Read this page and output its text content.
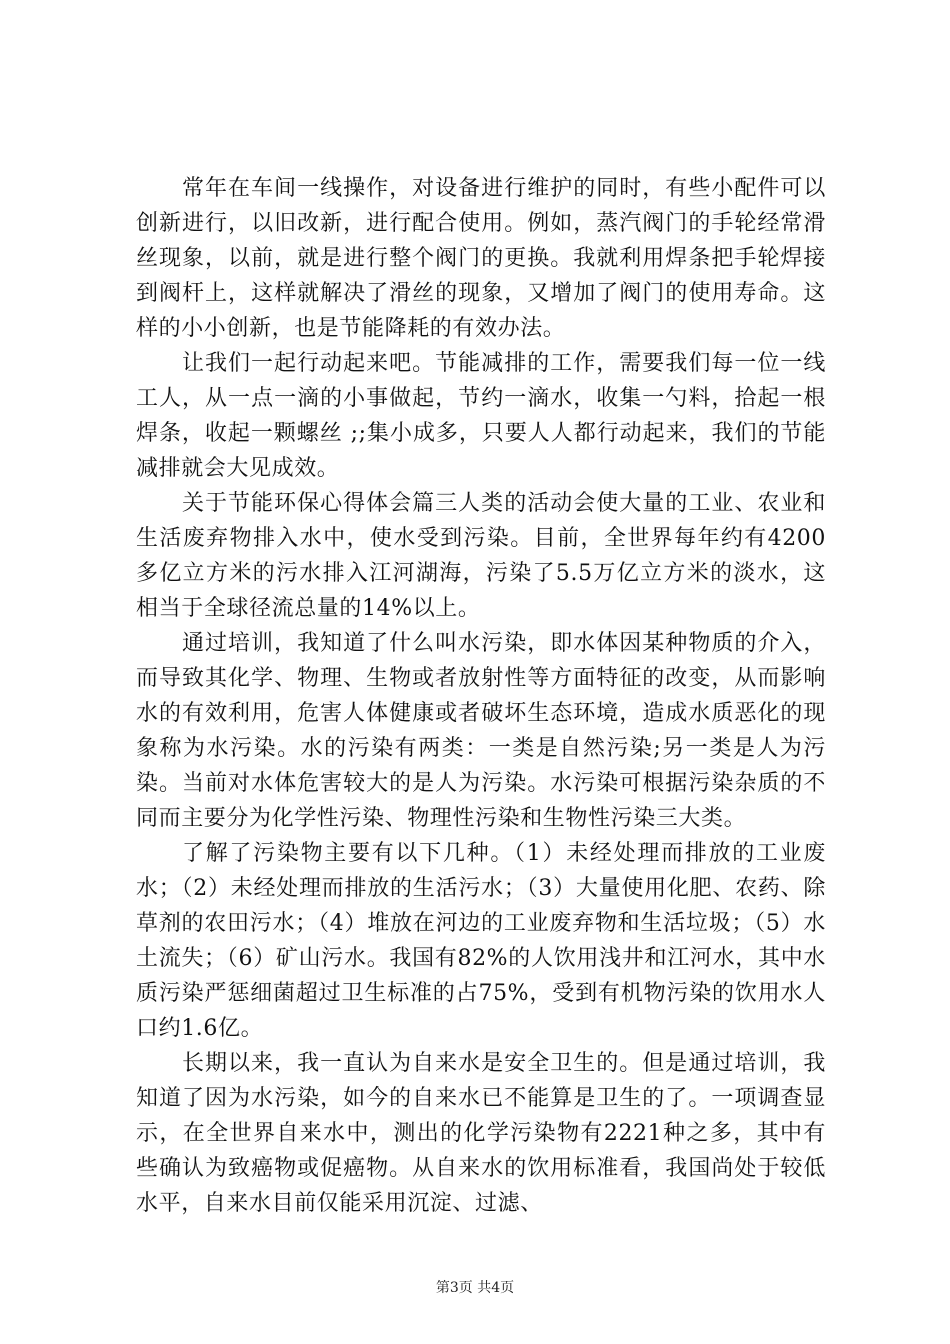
常年在车间一线操作，对设备进行维护的同时，有些小配件可以创新进行，以旧改新，进行配合使用。例如，蒸汽阀门的手轮经常滑丝现象，以前，就是进行整个阀门的更换。我就利用焊条把手轮焊接到阀杆上，这样就解决了滑丝的现象，又增加了阀门的使用寿命。这样的小小创新，也是节能降耗的有效办法。

让我们一起行动起来吧。节能减排的工作，需要我们每一位一线工人，从一点一滴的小事做起，节约一滴水，收集一勺料，拾起一根焊条，收起一颗螺丝 ;;集小成多，只要人人都行动起来，我们的节能减排就会大见成效。

关于节能环保心得体会篇三人类的活动会使大量的工业、农业和生活废弃物排入水中，使水受到污染。目前，全世界每年约有4200多亿立方米的污水排入江河湖海，污染了5.5万亿立方米的淡水，这相当于全球径流总量的14%以上。

通过培训，我知道了什么叫水污染，即水体因某种物质的介入，而导致其化学、物理、生物或者放射性等方面特征的改变，从而影响水的有效利用，危害人体健康或者破坏生态环境，造成水质恶化的现象称为水污染。水的污染有两类：一类是自然污染;另一类是人为污染。当前对水体危害较大的是人为污染。水污染可根据污染杂质的不同而主要分为化学性污染、物理性污染和生物性污染三大类。

了解了污染物主要有以下几种。（1）未经处理而排放的工业废水；（2）未经处理而排放的生活污水；（3）大量使用化肥、农药、除草剂的农田污水；（4）堆放在河边的工业废弃物和生活垃圾；（5）水土流失；（6）矿山污水。我国有82%的人饮用浅井和江河水，其中水质污染严惩细菌超过卫生标准的占75%，受到有机物污染的饮用水人口约1.6亿。

长期以来，我一直认为自来水是安全卫生的。但是通过培训，我知道了因为水污染，如今的自来水已不能算是卫生的了。一项调查显示，在全世界自来水中，测出的化学污染物有2221种之多，其中有些确认为致癌物或促癌物。从自来水的饮用标准看，我国尚处于较低水平，自来水目前仅能采用沉淀、过滤、

第3页 共4页
